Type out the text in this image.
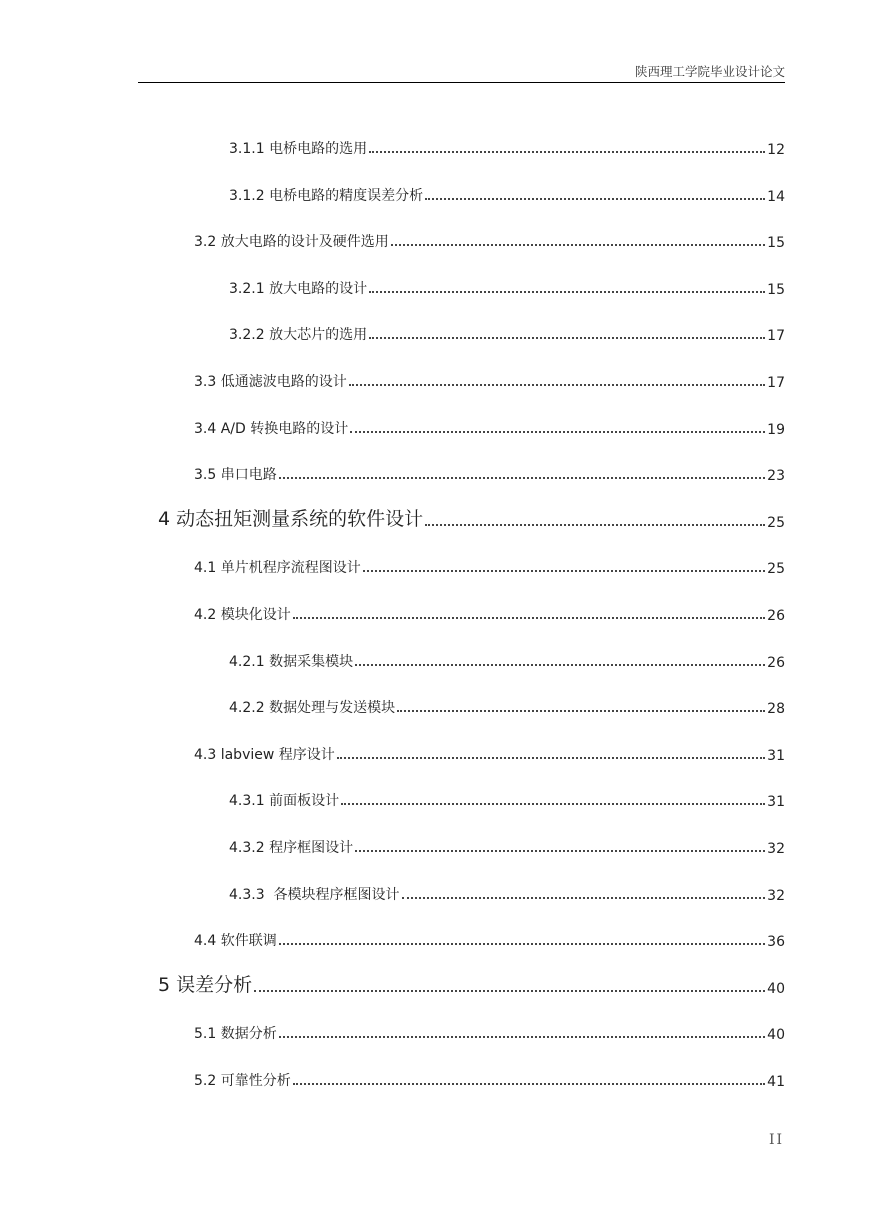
陕西理工学院毕业设计论文
3.1.1 电桥电路的选用	12
3.1.2 电桥电路的精度误差分析	14
3.2 放大电路的设计及硬件选用	15
3.2.1 放大电路的设计	15
3.2.2 放大芯片的选用	17
3.3 低通滤波电路的设计	17
3.4 A/D 转换电路的设计	19
3.5 串口电路	23
4 动态扭矩测量系统的软件设计	25
4.1 单片机程序流程图设计	25
4.2 模块化设计	26
4.2.1 数据采集模块	26
4.2.2 数据处理与发送模块	28
4.3 labview 程序设计	31
4.3.1 前面板设计	31
4.3.2 程序框图设计	32
4.3.3  各模块程序框图设计	32
4.4 软件联调	36
5 误差分析	40
5.1 数据分析	40
5.2 可靠性分析	41
II
